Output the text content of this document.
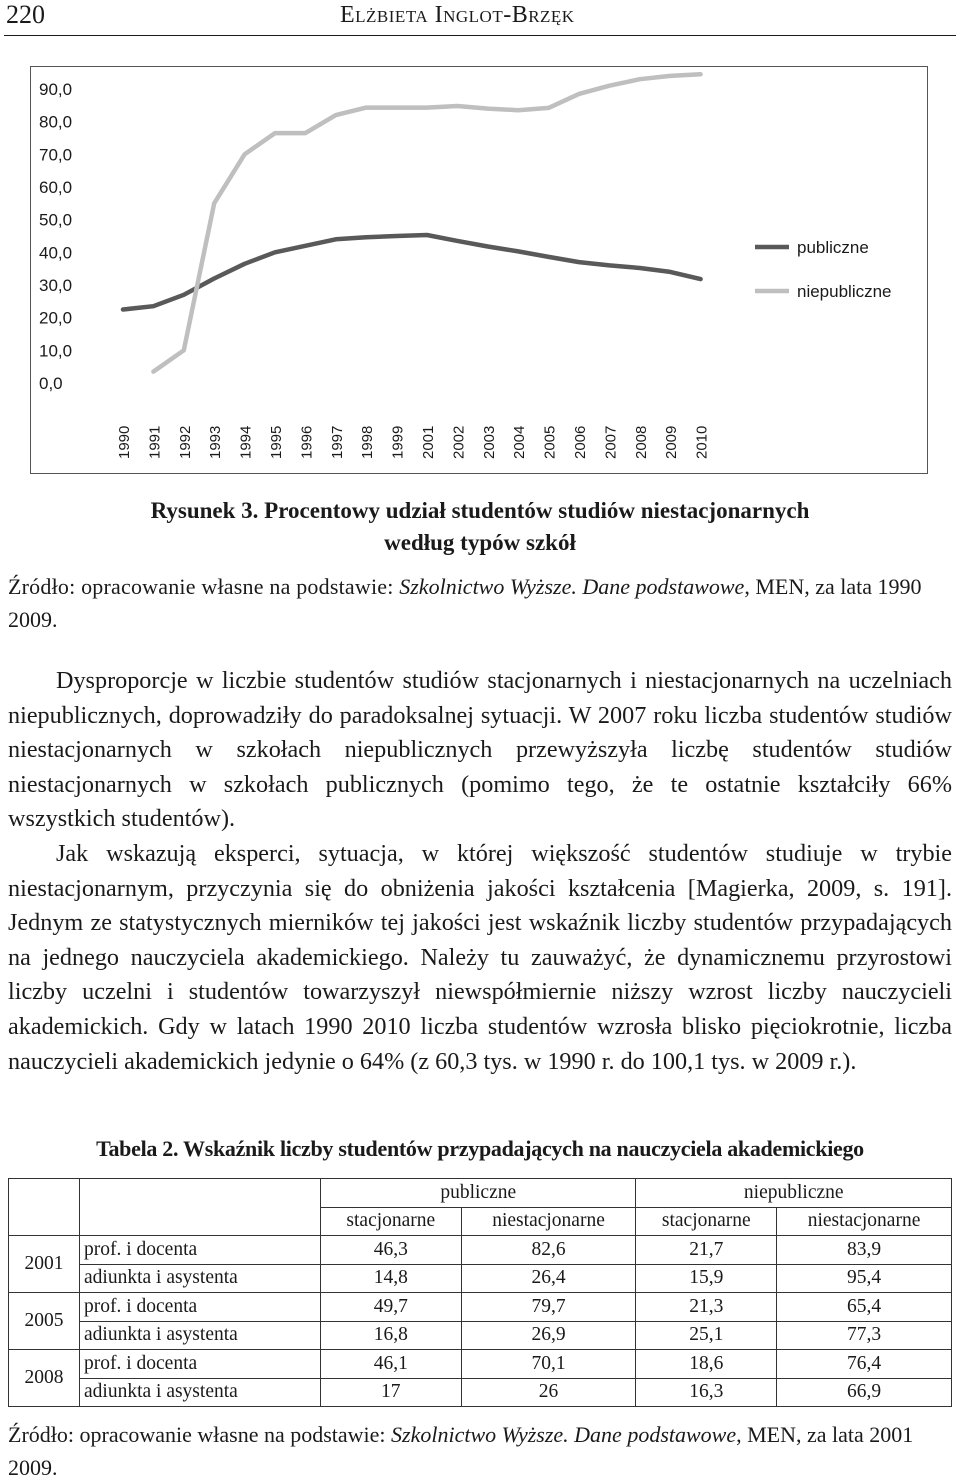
220	Elżbieta Inglot-Brzęk
90,0
80,0
70,0
60,0
50,0
40,0
30,0
20,0
10,0
0,0
1990 1991 1992 1993 1994 1995 1996 1997 1998 1999 2001 2002 2003 2004 2005 2006 2007 2008 2009 2010
publiczne
niepubliczne
Rysunek 3. Procentowy udział studentów studiów niestacjonarnych
według typów szkół

Źródło: opracowanie własne na podstawie: Szkolnictwo Wyższe. Dane podstawowe, MEN, za lata 1990 2009.

Dysproporcje w liczbie studentów studiów stacjonarnych i niestacjonarnych na uczelniach niepublicznych, doprowadziły do paradoksalnej sytuacji. W 2007 roku liczba studentów studiów niestacjonarnych w szkołach niepublicznych przewyższyła liczbę studentów studiów niestacjonarnych w szkołach publicznych (pomimo tego, że te ostatnie kształciły 66% wszystkich studentów).
Jak wskazują eksperci, sytuacja, w której większość studentów studiuje w trybie niestacjonarnym, przyczynia się do obniżenia jakości kształcenia [Magierka, 2009, s. 191]. Jednym ze statystycznych mierników tej jakości jest wskaźnik liczby studentów przypadających na jednego nauczyciela akademickiego. Należy tu zauważyć, że dynamicznemu przyrostowi liczby uczelni i studentów towarzyszył niewspółmiernie niższy wzrost liczby nauczycieli akademickich. Gdy w latach 1990 2010 liczba studentów wzrosła blisko pięciokrotnie, liczba nauczycieli akademickich jedynie o 64% (z 60,3 tys. w 1990 r. do 100,1 tys. w 2009 r.).
Tabela 2. Wskaźnik liczby studentów przypadających na nauczyciela akademickiego
		publiczne		niepubliczne	
		stacjonarne	niestacjonarne	stacjonarne	niestacjonarne
2001	prof. i docenta	46,3	82,6	21,7	83,9
	adiunkta i asystenta	14,8	26,4	15,9	95,4
2005	prof. i docenta	49,7	79,7	21,3	65,4
	adiunkta i asystenta	16,8	26,9	25,1	77,3
2008	prof. i docenta	46,1	70,1	18,6	76,4
	adiunkta i asystenta	17	26	16,3	66,9

Źródło: opracowanie własne na podstawie: Szkolnictwo Wyższe. Dane podstawowe, MEN, za lata 2001 2009.
